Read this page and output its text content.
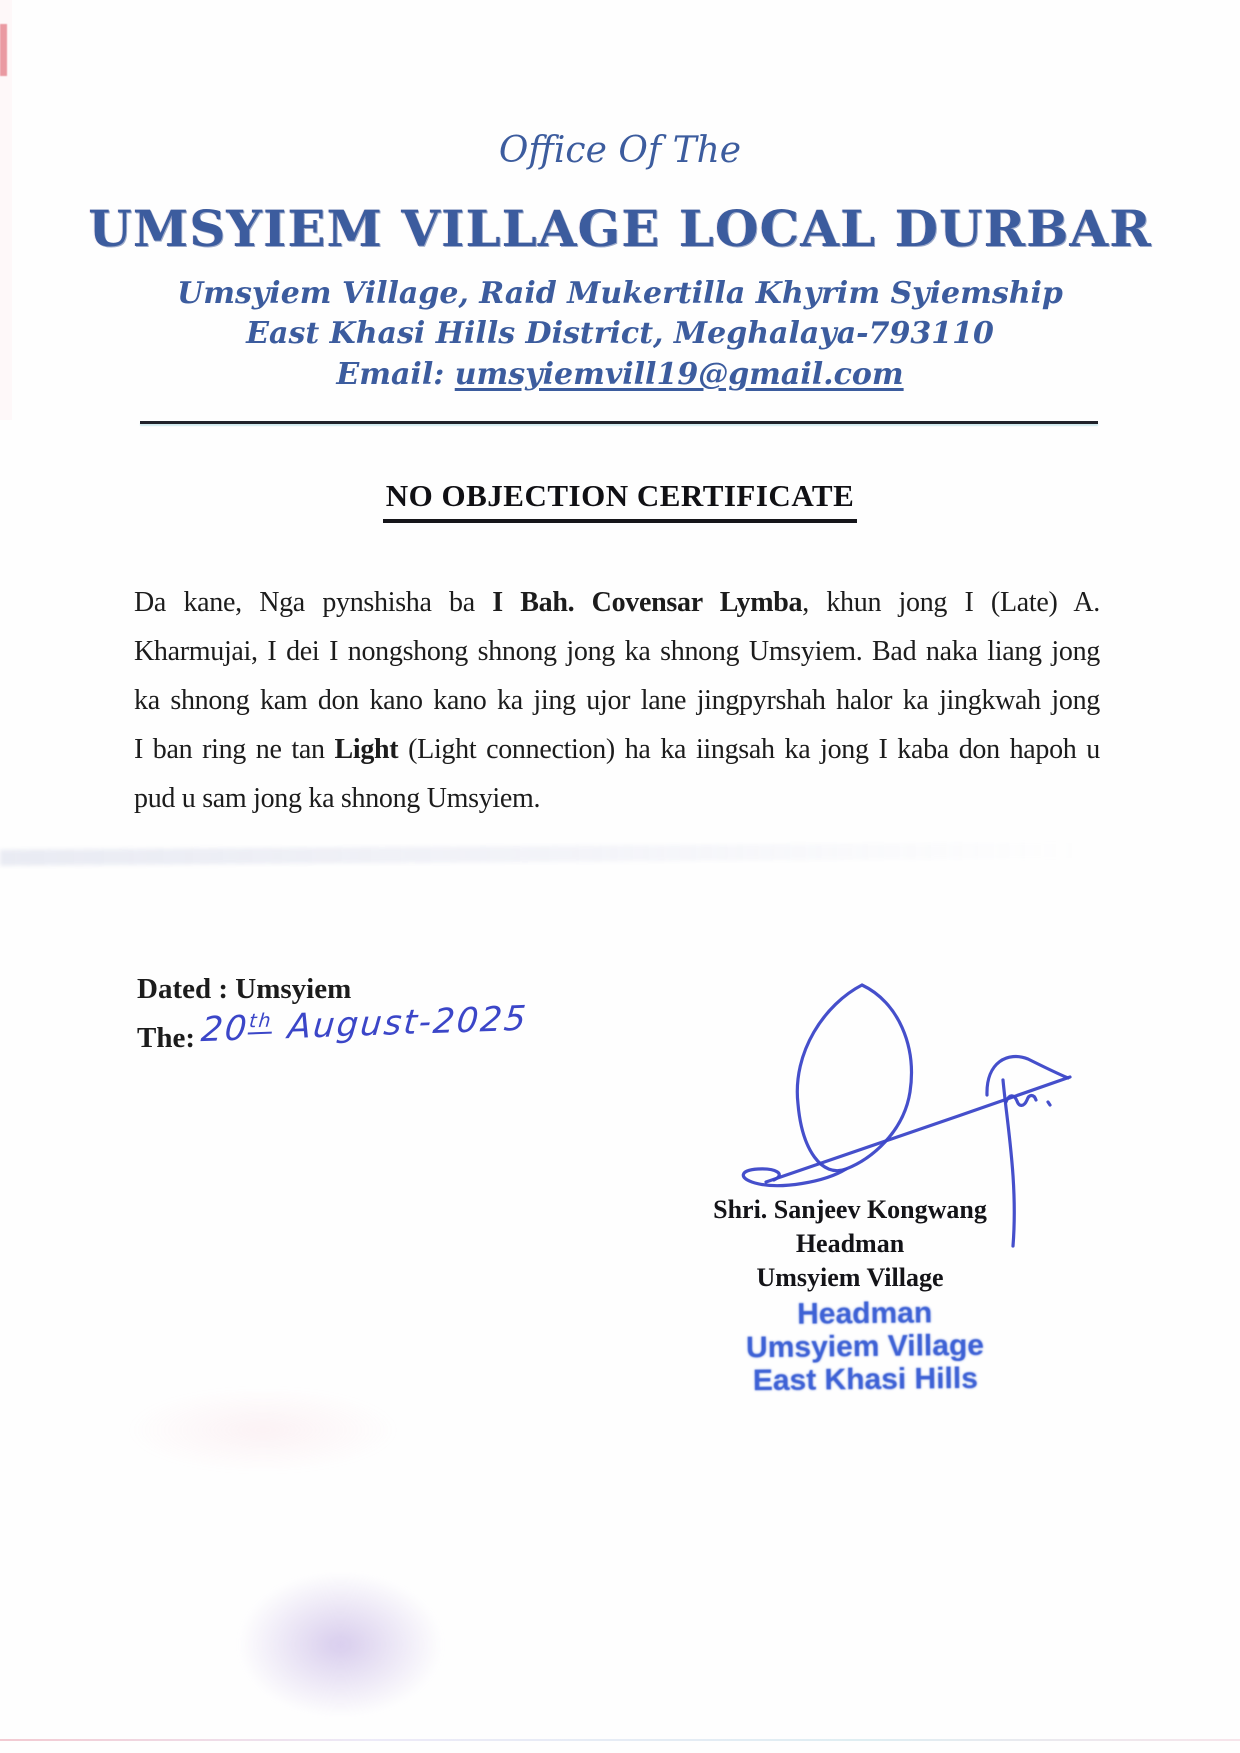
Office Of The
UMSYIEM VILLAGE LOCAL DURBAR
Umsyiem Village, Raid Mukertilla Khyrim Syiemship
East Khasi Hills District, Meghalaya-793110
Email: umsyiemvill19@gmail.com
NO OBJECTION CERTIFICATE
Da kane, Nga pynshisha ba I Bah. Covensar Lymba, khun jong I (Late) A.
Kharmujai, I dei I nongshong shnong jong ka shnong Umsyiem. Bad naka liang jong
ka shnong kam don kano kano ka jing ujor lane jingpyrshah halor ka jingkwah jong
I ban ring ne tan Light (Light connection) ha ka iingsah ka jong I kaba don hapoh u
pud u sam jong ka shnong Umsyiem.
Dated : Umsyiem
The: 20th August-2025
Shri. Sanjeev Kongwang
Headman
Umsyiem Village
Headman
Umsyiem Village
East Khasi Hills
